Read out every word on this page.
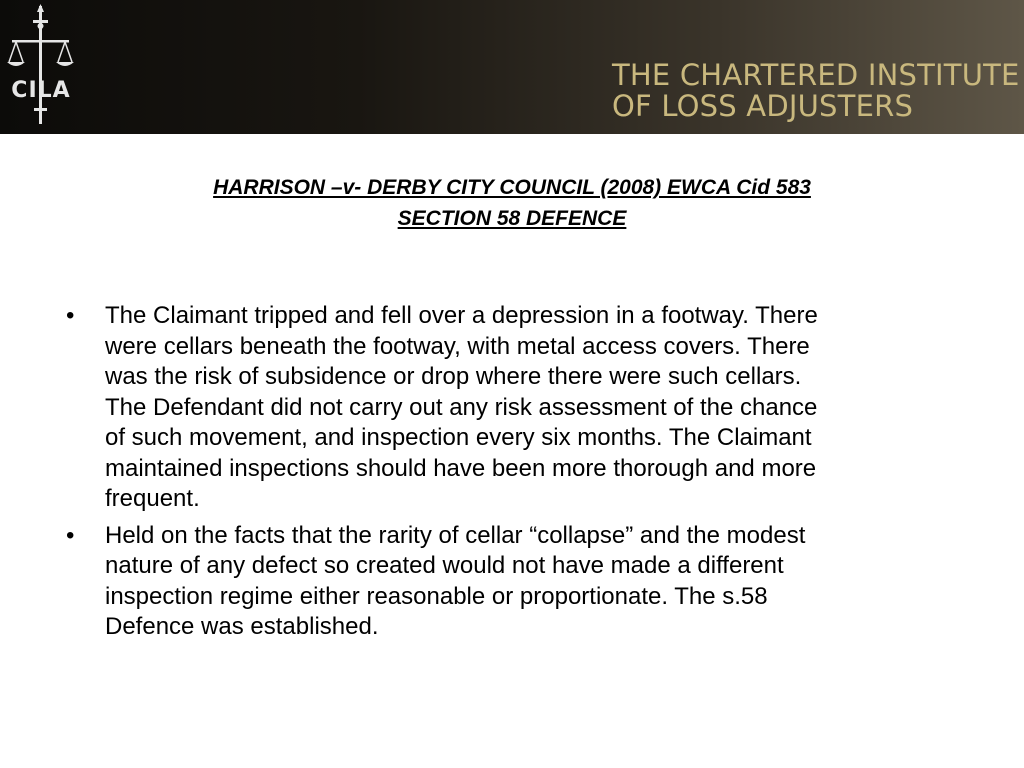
CILA	THE CHARTERED INSTITUTE
OF LOSS ADJUSTERS
HARRISON –v- DERBY CITY COUNCIL (2008) EWCA Cid 583
SECTION 58 DEFENCE
• The Claimant tripped and fell over a depression in a footway. There
were cellars beneath the footway, with metal access covers. There
was the risk of subsidence or drop where there were such cellars.
The Defendant did not carry out any risk assessment of the chance
of such movement, and inspection every six months. The Claimant
maintained inspections should have been more thorough and more
frequent.
• Held on the facts that the rarity of cellar “collapse” and the modest
nature of any defect so created would not have made a different
inspection regime either reasonable or proportionate. The s.58
Defence was established.
